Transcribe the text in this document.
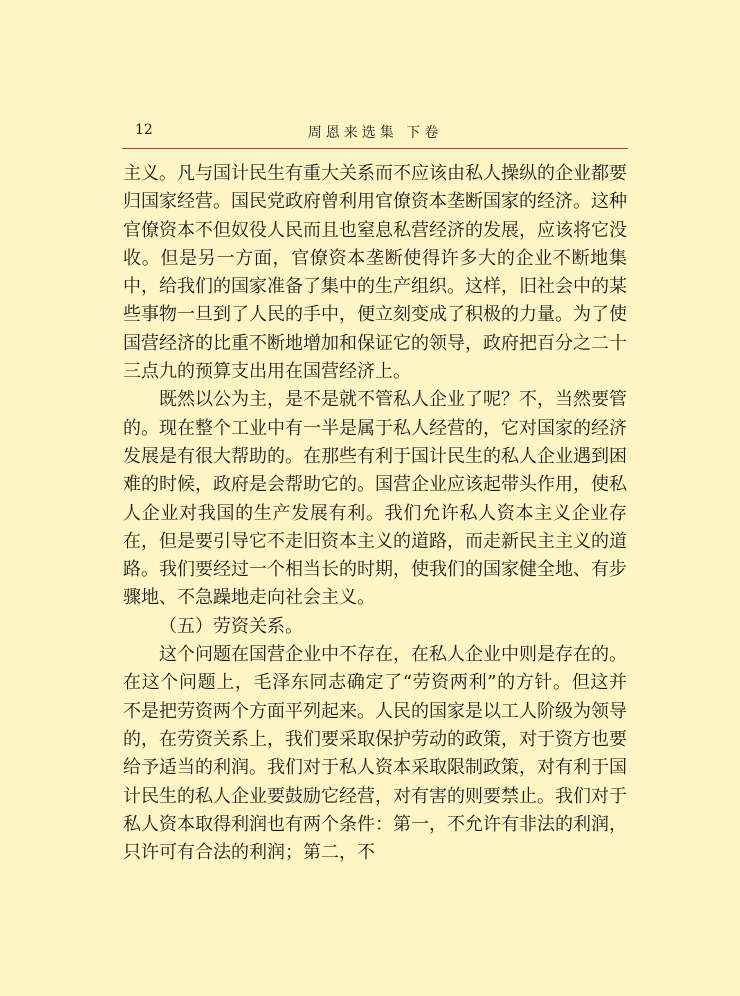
12	周恩来选集 下卷

主义。凡与国计民生有重大关系而不应该由私人操纵的企业都要归国家经营。国民党政府曾利用官僚资本垄断国家的经济。这种官僚资本不但奴役人民而且也窒息私营经济的发展，应该将它没收。但是另一方面，官僚资本垄断使得许多大的企业不断地集中，给我们的国家准备了集中的生产组织。这样，旧社会中的某些事物一旦到了人民的手中，便立刻变成了积极的力量。为了使国营经济的比重不断地增加和保证它的领导，政府把百分之二十三点九的预算支出用在国营经济上。

既然以公为主，是不是就不管私人企业了呢？不，当然要管的。现在整个工业中有一半是属于私人经营的，它对国家的经济发展是有很大帮助的。在那些有利于国计民生的私人企业遇到困难的时候，政府是会帮助它的。国营企业应该起带头作用，使私人企业对我国的生产发展有利。我们允许私人资本主义企业存在，但是要引导它不走旧资本主义的道路，而走新民主主义的道路。我们要经过一个相当长的时期，使我们的国家健全地、有步骤地、不急躁地走向社会主义。

（五）劳资关系。

这个问题在国营企业中不存在，在私人企业中则是存在的。在这个问题上，毛泽东同志确定了“劳资两利”的方针。但这并不是把劳资两个方面平列起来。人民的国家是以工人阶级为领导的，在劳资关系上，我们要采取保护劳动的政策，对于资方也要给予适当的利润。我们对于私人资本采取限制政策，对有利于国计民生的私人企业要鼓励它经营，对有害的则要禁止。我们对于私人资本取得利润也有两个条件：第一，不允许有非法的利润，只许可有合法的利润；第二，不
